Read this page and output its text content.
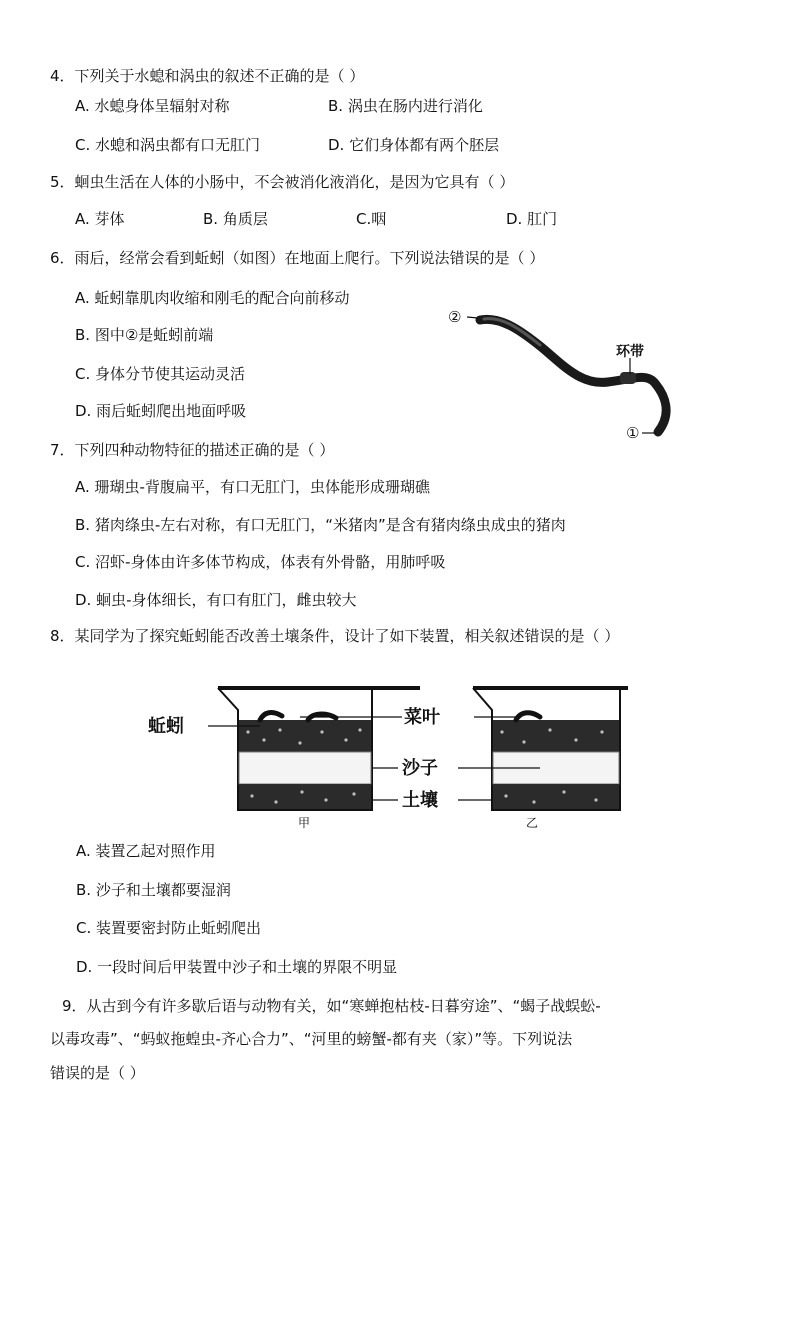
4．下列关于水螅和涡虫的叙述不正确的是（ ）
A. 水螅身体呈辐射对称	B. 涡虫在肠内进行消化
C. 水螅和涡虫都有口无肛门	D. 它们身体都有两个胚层
5．蛔虫生活在人体的小肠中，不会被消化液消化，是因为它具有（ ）
A. 芽体	B. 角质层	C.咽	D. 肛门
6．雨后，经常会看到蚯蚓（如图）在地面上爬行。下列说法错误的是（ ）
A. 蚯蚓靠肌肉收缩和刚毛的配合向前移动
B. 图中②是蚯蚓前端
C. 身体分节使其运动灵活
D. 雨后蚯蚓爬出地面呼吸
②
环带
①
7．下列四种动物特征的描述正确的是（ ）
A. 珊瑚虫-背腹扁平，有口无肛门，虫体能形成珊瑚礁
B. 猪肉绦虫-左右对称，有口无肛门，“米猪肉”是含有猪肉绦虫成虫的猪肉
C. 沼虾-身体由许多体节构成，体表有外骨骼，用肺呼吸
D. 蛔虫-身体细长，有口有肛门，雌虫较大
8．某同学为了探究蚯蚓能否改善土壤条件，设计了如下装置，相关叙述错误的是（ ）
蚯蚓	菜叶
沙子
土壤
甲	乙
A. 装置乙起对照作用
B. 沙子和土壤都要湿润
C. 装置要密封防止蚯蚓爬出
D. 一段时间后甲装置中沙子和土壤的界限不明显
9．从古到今有许多歇后语与动物有关，如“寒蝉抱枯枝-日暮穷途”、“蝎子战蜈蚣-
以毒攻毒”、“蚂蚁拖蝗虫-齐心合力”、“河里的螃蟹-都有夹（家）”等。下列说法
错误的是（ ）
